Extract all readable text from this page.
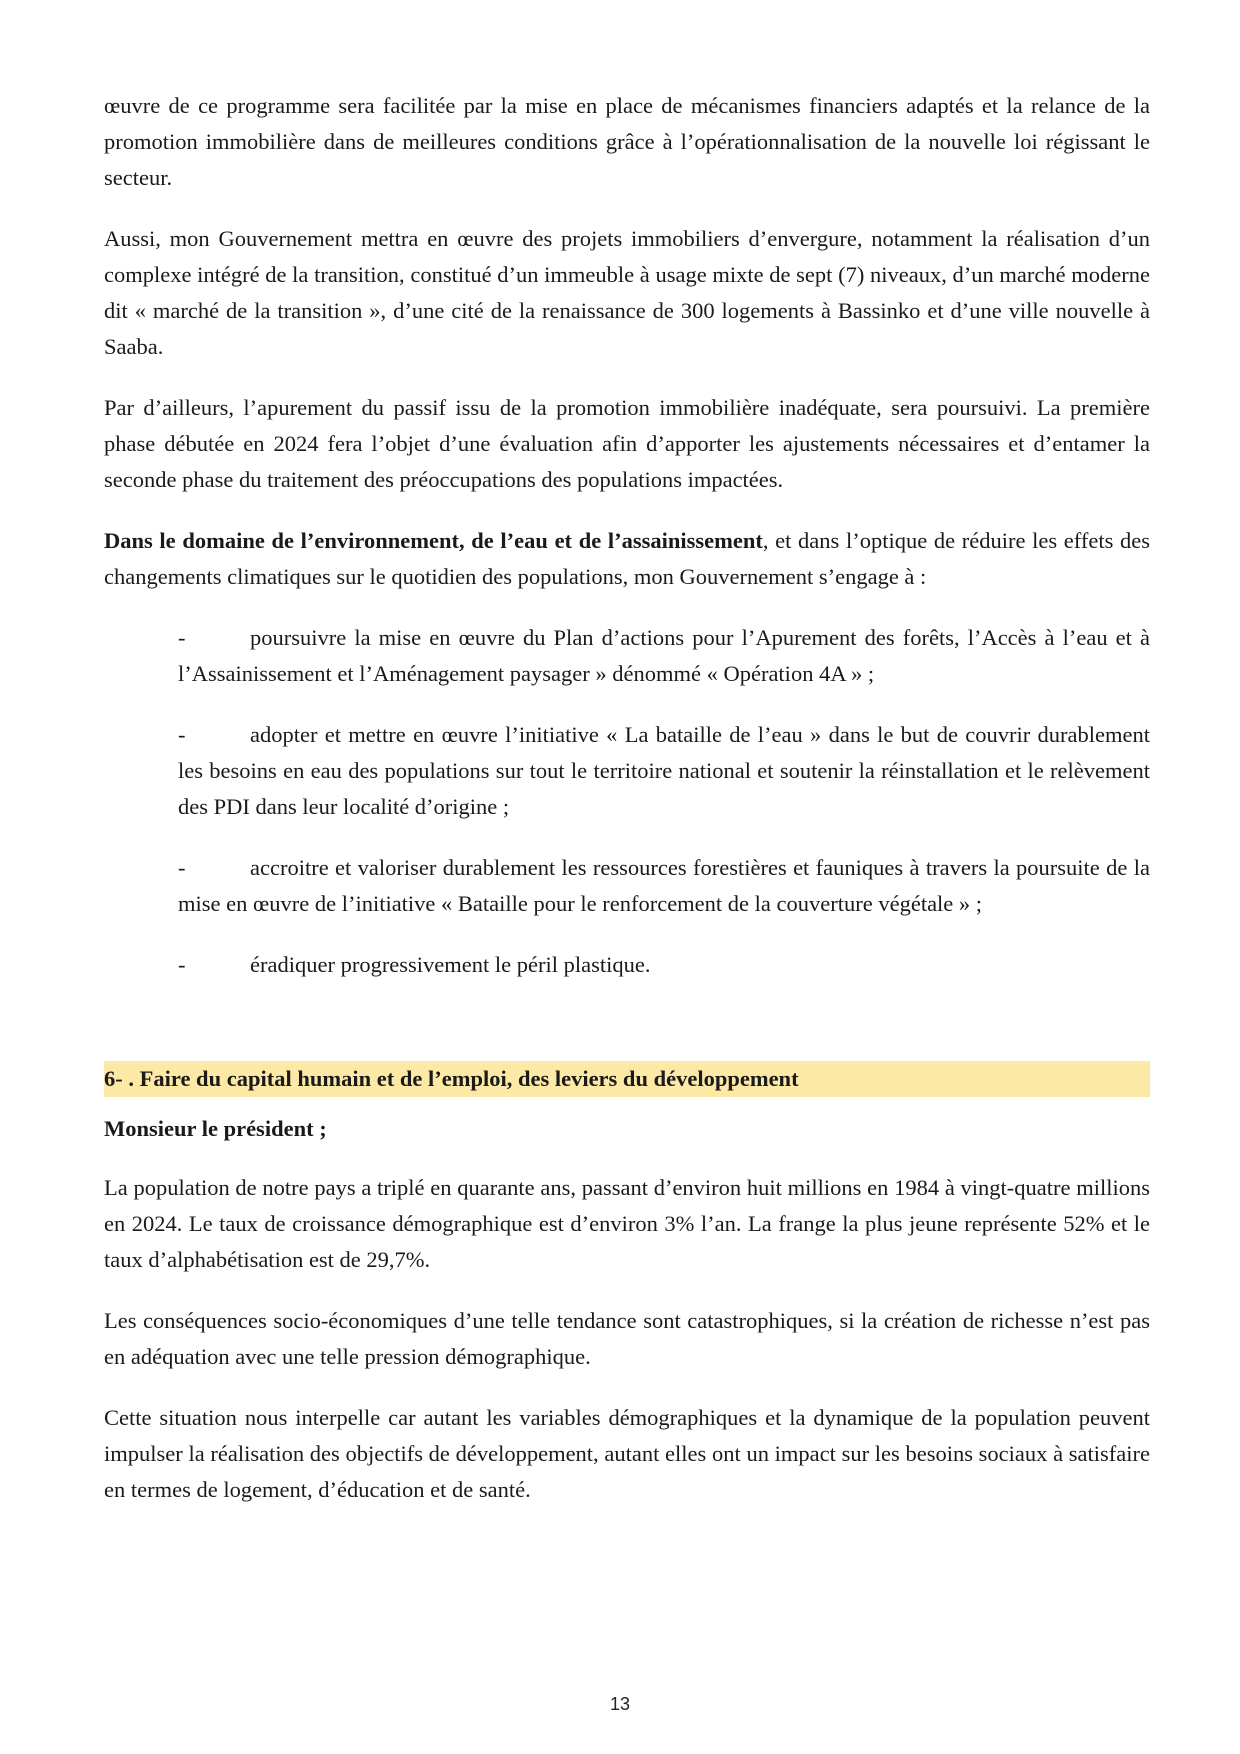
œuvre de ce programme sera facilitée par la mise en place de mécanismes financiers adaptés et la relance de la promotion immobilière dans de meilleures conditions grâce à l’opérationnalisation de la nouvelle loi régissant le secteur.

Aussi, mon Gouvernement mettra en œuvre des projets immobiliers d’envergure, notamment la réalisation d’un complexe intégré de la transition, constitué d’un immeuble à usage mixte de sept (7) niveaux, d’un marché moderne dit « marché de la transition », d’une cité de la renaissance de 300 logements à Bassinko et d’une ville nouvelle à Saaba.

Par d’ailleurs, l’apurement du passif issu de la promotion immobilière inadéquate, sera poursuivi. La première phase débutée en 2024 fera l’objet d’une évaluation afin d’apporter les ajustements nécessaires et d’entamer la seconde phase du traitement des préoccupations des populations impactées.

Dans le domaine de l’environnement, de l’eau et de l’assainissement, et dans l’optique de réduire les effets des changements climatiques sur le quotidien des populations, mon Gouvernement s’engage à :

-	poursuivre la mise en œuvre du Plan d’actions pour l’Apurement des forêts, l’Accès à l’eau et à l’Assainissement et l’Aménagement paysager » dénommé « Opération 4A » ;
-	adopter et mettre en œuvre l’initiative « La bataille de l’eau » dans le but de couvrir durablement les besoins en eau des populations sur tout le territoire national et soutenir la réinstallation et le relèvement des PDI dans leur localité d’origine ;
-	accroitre et valoriser durablement les ressources forestières et fauniques à travers la poursuite de la mise en œuvre de l’initiative « Bataille pour le renforcement de la couverture végétale » ;
-	éradiquer progressivement le péril plastique.
6- . Faire du capital humain et de l’emploi, des leviers du développement

Monsieur le président ;

La population de notre pays a triplé en quarante ans, passant d’environ huit millions en 1984 à vingt-quatre millions en 2024. Le taux de croissance démographique est d’environ 3% l’an. La frange la plus jeune représente 52% et le taux d’alphabétisation est de 29,7%.

Les conséquences socio-économiques d’une telle tendance sont catastrophiques, si la création de richesse n’est pas en adéquation avec une telle pression démographique.

Cette situation nous interpelle car autant les variables démographiques et la dynamique de la population peuvent impulser la réalisation des objectifs de développement, autant elles ont un impact sur les besoins sociaux à satisfaire en termes de logement, d’éducation et de santé.

13
